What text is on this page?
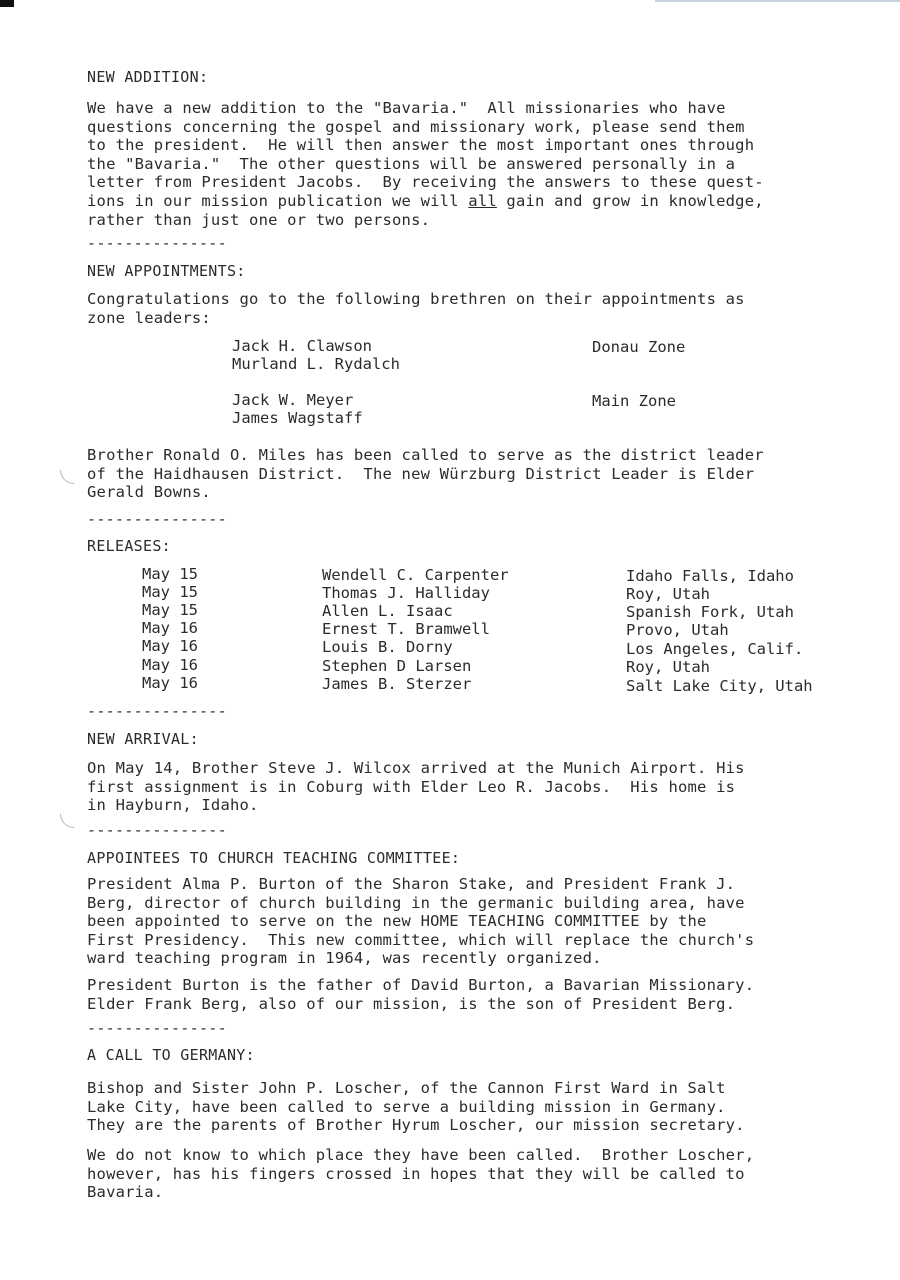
NEW ADDITION:
We have a new addition to the "Bavaria."  All missionaries who have
questions concerning the gospel and missionary work, please send them
to the president.  He will then answer the most important ones through
the "Bavaria."  The other questions will be answered personally in a
letter from President Jacobs.  By receiving the answers to these quest-
ions in our mission publication we will all gain and grow in knowledge,
rather than just one or two persons.
---------------
NEW APPOINTMENTS:
Congratulations go to the following brethren on their appointments as
zone leaders:
Jack H. Clawson
Murland L. Rydalch
Donau Zone
Jack W. Meyer
James Wagstaff
Main Zone
Brother Ronald O. Miles has been called to serve as the district leader
of the Haidhausen District.  The new Würzburg District Leader is Elder
Gerald Bowns.
---------------
RELEASES:
May 15	Wendell C. Carpenter	Idaho Falls, Idaho
May 15	Thomas J. Halliday	Roy, Utah
May 15	Allen L. Isaac	Spanish Fork, Utah
May 16	Ernest T. Bramwell	Provo, Utah
May 16	Louis B. Dorny	Los Angeles, Calif.
May 16	Stephen D Larsen	Roy, Utah
May 16	James B. Sterzer	Salt Lake City, Utah
---------------
NEW ARRIVAL:
On May 14, Brother Steve J. Wilcox arrived at the Munich Airport. His
first assignment is in Coburg with Elder Leo R. Jacobs.  His home is
in Hayburn, Idaho.
---------------
APPOINTEES TO CHURCH TEACHING COMMITTEE:
President Alma P. Burton of the Sharon Stake, and President Frank J.
Berg, director of church building in the germanic building area, have
been appointed to serve on the new HOME TEACHING COMMITTEE by the
First Presidency.  This new committee, which will replace the church's
ward teaching program in 1964, was recently organized.
President Burton is the father of David Burton, a Bavarian Missionary.
Elder Frank Berg, also of our mission, is the son of President Berg.
---------------
A CALL TO GERMANY:
Bishop and Sister John P. Loscher, of the Cannon First Ward in Salt
Lake City, have been called to serve a building mission in Germany.
They are the parents of Brother Hyrum Loscher, our mission secretary.
We do not know to which place they have been called.  Brother Loscher,
however, has his fingers crossed in hopes that they will be called to
Bavaria.
